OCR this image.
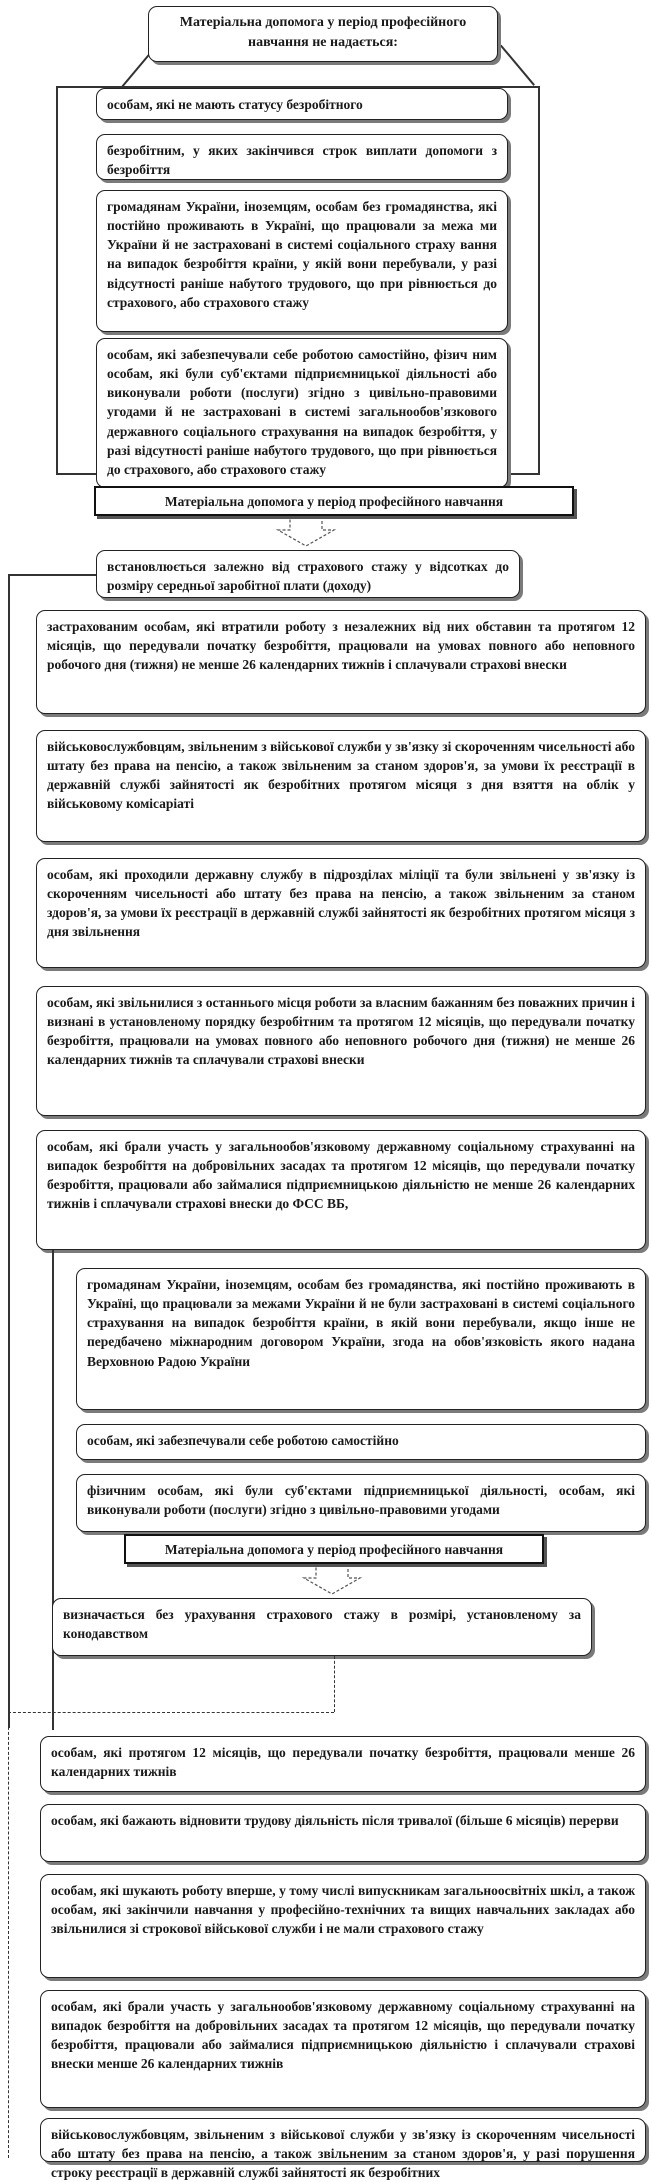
Матеріальна допомога у період професійного навчання не надається:
особам, які не мають статусу безробітного
безробітним, у яких закінчився строк виплати допомоги з безробіття
громадянам України, іноземцям, особам без громадянства, які постійно проживають в Україні, що працювали за межа ми України й не застраховані в системі соціального страху вання на випадок безробіття країни, у якій вони перебували, у разі відсутності раніше набутого трудового, що при рівнюється до страхового, або страхового стажу
особам, які забезпечували себе роботою самостійно, фізич ним особам, які були суб'єктами підприємницької діяльності або виконували роботи (послуги) згідно з цивільно-правовими угодами й не застраховані в системі загальнообов'язкового державного соціального страхування на випадок безробіття, у разі відсутності раніше набутого трудового, що при рівнюється до страхового, або страхового стажу
Матеріальна допомога у період професійного навчання
встановлюється залежно від страхового стажу у відсотках до розміру середньої заробітної плати (доходу)
застрахованим особам, які втратили роботу з незалежних від них обставин та протягом 12 місяців, що передували початку безробіття, працювали на умовах повного або неповного робочого дня (тижня) не менше 26 календарних тижнів і сплачували страхові внески
військовослужбовцям, звільненим з військової служби у зв'язку зі скороченням чисельності або штату без права на пенсію, а також звільненим за станом здоров'я, за умови їх реєстрації в державній службі зайнятості як безробітних протягом місяця з дня взяття на облік у військовому комісаріаті
особам, які проходили державну службу в підрозділах міліції та були звільнені у зв'язку із скороченням чисельності або штату без права на пенсію, а також звільненим за станом здоров'я, за умови їх реєстрації в державній службі зайнятості як безробітних протягом місяця з дня звільнення
особам, які звільнилися з останнього місця роботи за власним бажанням без поважних причин і визнані в установленому порядку безробітним та протягом 12 місяців, що передували початку безробіття, працювали на умовах повного або неповного робочого дня (тижня) не менше 26 календарних тижнів та сплачували страхові внески
особам, які брали участь у загальнообов'язковому державному соціальному страхуванні на випадок безробіття на добровільних засадах та протягом 12 місяців, що передували початку безробіття, працювали або займалися підприємницькою діяльністю не менше 26 календарних тижнів і сплачували страхові внески до ФСС ВБ,
громадянам України, іноземцям, особам без громадянства, які постійно проживають в Україні, що працювали за межами України й не були застраховані в системі соціального страхування на випадок безробіття країни, в якій вони перебували, якщо інше не передбачено міжнародним договором України, згода на обов'язковість якого надана Верховною Радою України
особам, які забезпечували себе роботою самостійно
фізичним особам, які були суб'єктами підприємницької діяльності, особам, які виконували роботи (послуги) згідно з цивільно-правовими угодами
Матеріальна допомога у період професійного навчання
визначається без урахування страхового стажу в розмірі, установленому за конодавством
особам, які протягом 12 місяців, що передували початку безробіття, працювали менше 26 календарних тижнів
особам, які бажають відновити трудову діяльність після тривалої (більше 6 місяців) перерви
особам, які шукають роботу вперше, у тому числі випускникам загальноосвітніх шкіл, а також особам, які закінчили навчання у професійно-технічних та вищих навчальних закладах або звільнилися зі строкової військової служби і не мали страхового стажу
особам, які брали участь у загальнообов'язковому державному соціальному страхуванні на випадок безробіття на добровільних засадах та протягом 12 місяців, що передували початку безробіття, працювали або займалися підприємницькою діяльністю і сплачували страхові внески менше 26 календарних тижнів
військовослужбовцям, звільненим з військової служби у зв'язку із скороченням чисельності або штату без права на пенсію, а також звільненим за станом здоров'я, у разі порушення строку реєстрації в державній службі зайнятості як безробітних
